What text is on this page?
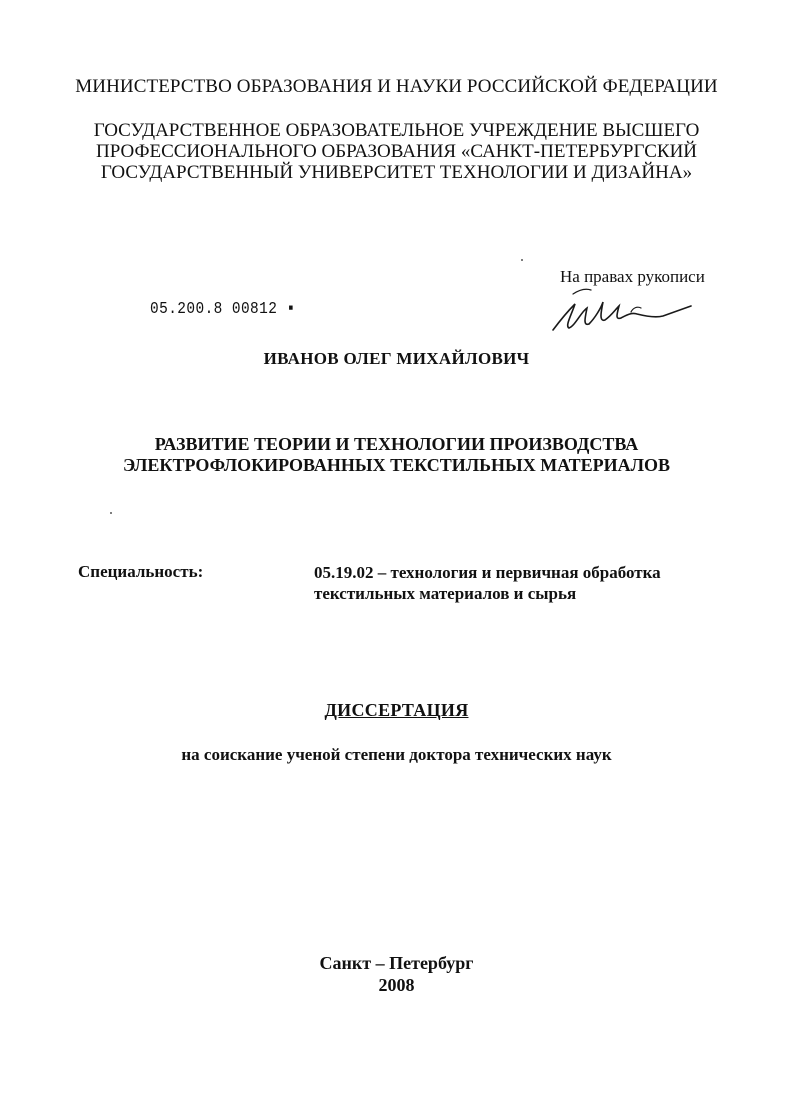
МИНИСТЕРСТВО ОБРАЗОВАНИЯ И НАУКИ РОССИЙСКОЙ ФЕДЕРАЦИИ
ГОСУДАРСТВЕННОЕ ОБРАЗОВАТЕЛЬНОЕ УЧРЕЖДЕНИЕ ВЫСШЕГО
ПРОФЕССИОНАЛЬНОГО ОБРАЗОВАНИЯ «САНКТ-ПЕТЕРБУРГСКИЙ
ГОСУДАРСТВЕННЫЙ УНИВЕРСИТЕТ ТЕХНОЛОГИИ И ДИЗАЙНА»
На правах рукописи
05.200.8 00812 ▪
ИВАНОВ ОЛЕГ МИХАЙЛОВИЧ
РАЗВИТИЕ ТЕОРИИ И ТЕХНОЛОГИИ ПРОИЗВОДСТВА
ЭЛЕКТРОФЛОКИРОВАННЫХ ТЕКСТИЛЬНЫХ МАТЕРИАЛОВ
Специальность:	05.19.02 – технология и первичная обработка
текстильных материалов и сырья
ДИССЕРТАЦИЯ
на соискание ученой степени доктора технических наук
Санкт – Петербург
2008
